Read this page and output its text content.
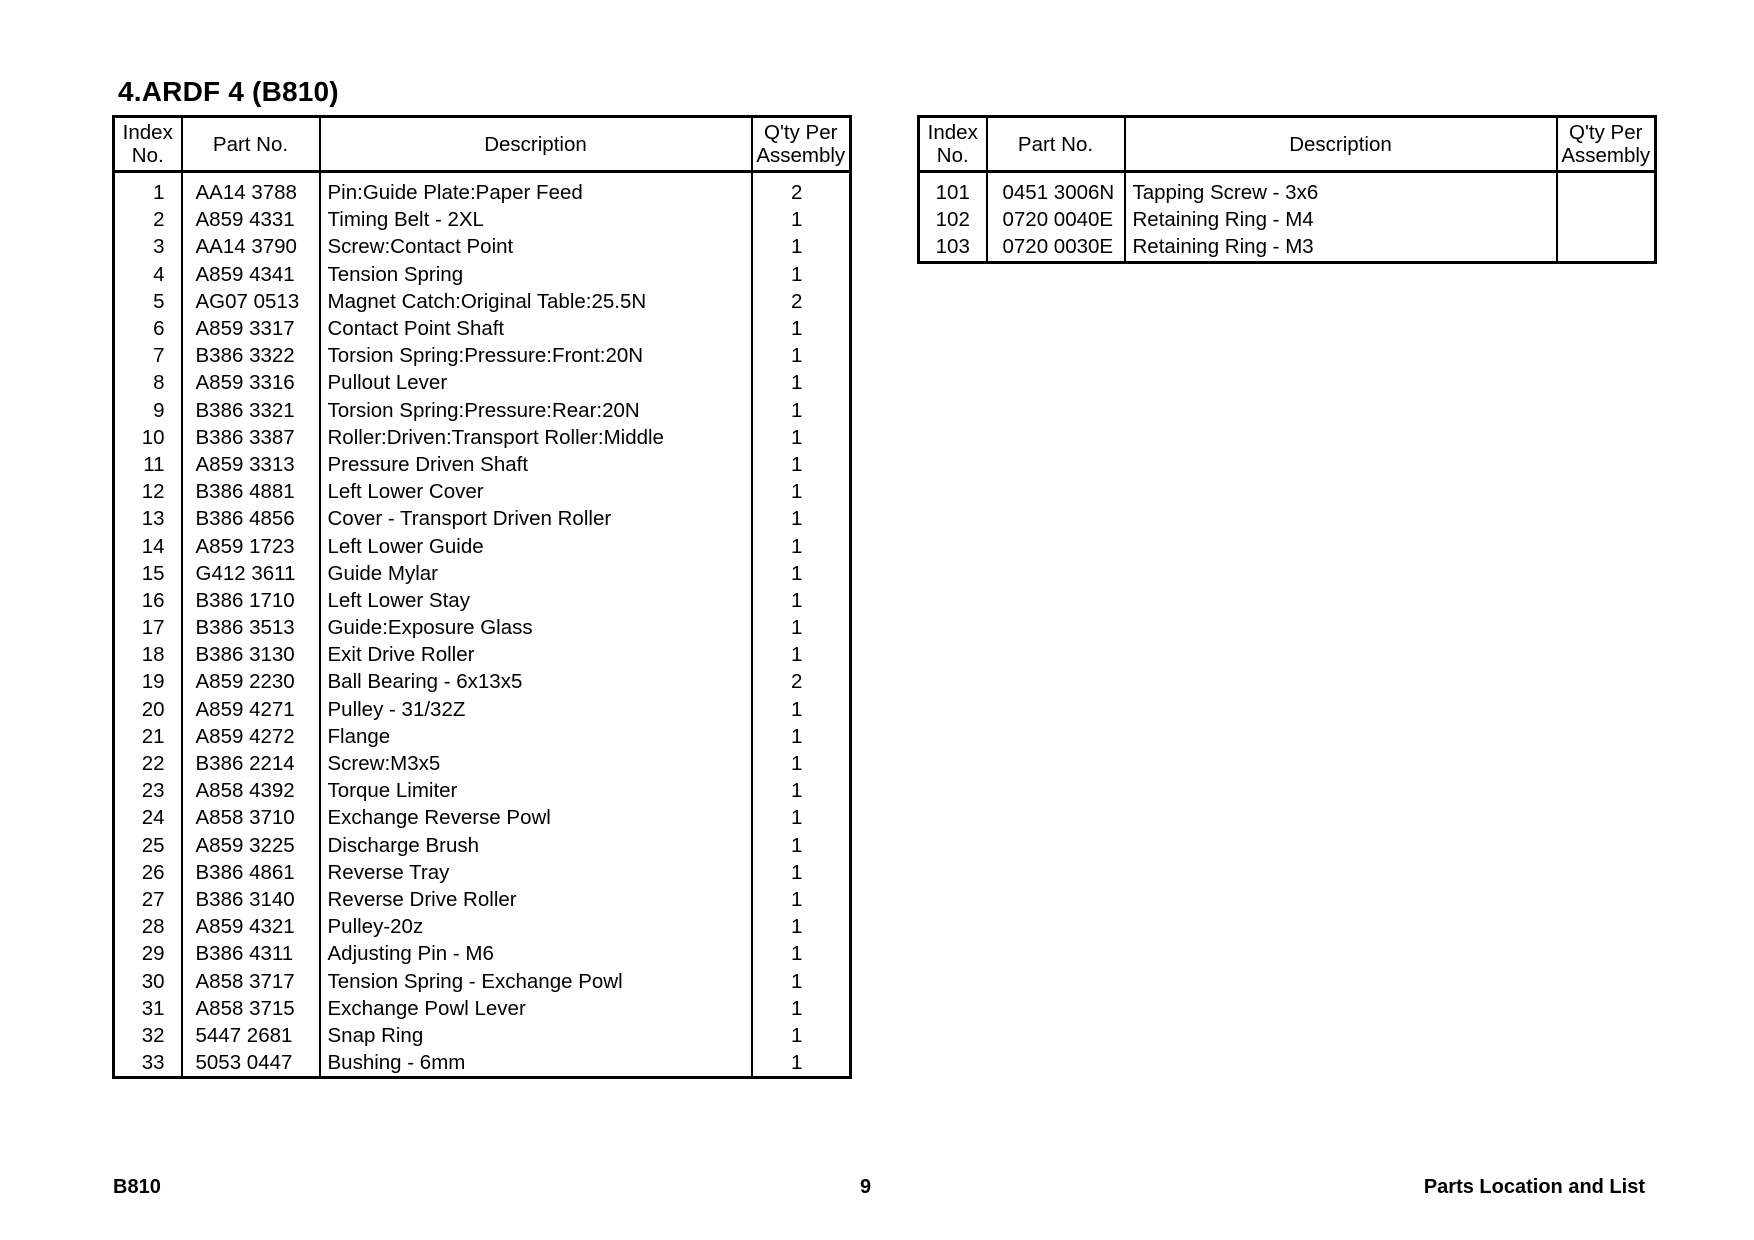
4.ARDF 4 (B810)
Index No.	Part No.	Description	Q'ty Per Assembly
1	AA14 3788	Pin:Guide Plate:Paper Feed	2
2	A859 4331	Timing Belt - 2XL	1
3	AA14 3790	Screw:Contact Point	1
4	A859 4341	Tension Spring	1
5	AG07 0513	Magnet Catch:Original Table:25.5N	2
6	A859 3317	Contact Point Shaft	1
7	B386 3322	Torsion Spring:Pressure:Front:20N	1
8	A859 3316	Pullout Lever	1
9	B386 3321	Torsion Spring:Pressure:Rear:20N	1
10	B386 3387	Roller:Driven:Transport Roller:Middle	1
11	A859 3313	Pressure Driven Shaft	1
12	B386 4881	Left Lower Cover	1
13	B386 4856	Cover - Transport Driven Roller	1
14	A859 1723	Left Lower Guide	1
15	G412 3611	Guide Mylar	1
16	B386 1710	Left Lower Stay	1
17	B386 3513	Guide:Exposure Glass	1
18	B386 3130	Exit Drive Roller	1
19	A859 2230	Ball Bearing - 6x13x5	2
20	A859 4271	Pulley - 31/32Z	1
21	A859 4272	Flange	1
22	B386 2214	Screw:M3x5	1
23	A858 4392	Torque Limiter	1
24	A858 3710	Exchange Reverse Powl	1
25	A859 3225	Discharge Brush	1
26	B386 4861	Reverse Tray	1
27	B386 3140	Reverse Drive Roller	1
28	A859 4321	Pulley-20z	1
29	B386 4311	Adjusting Pin - M6	1
30	A858 3717	Tension Spring - Exchange Powl	1
31	A858 3715	Exchange Powl Lever	1
32	5447 2681	Snap Ring	1
33	5053 0447	Bushing - 6mm	1

Index No.	Part No.	Description	Q'ty Per Assembly
101	0451 3006N	Tapping Screw - 3x6	
102	0720 0040E	Retaining Ring - M4	
103	0720 0030E	Retaining Ring - M3	

B810	9	Parts Location and List
